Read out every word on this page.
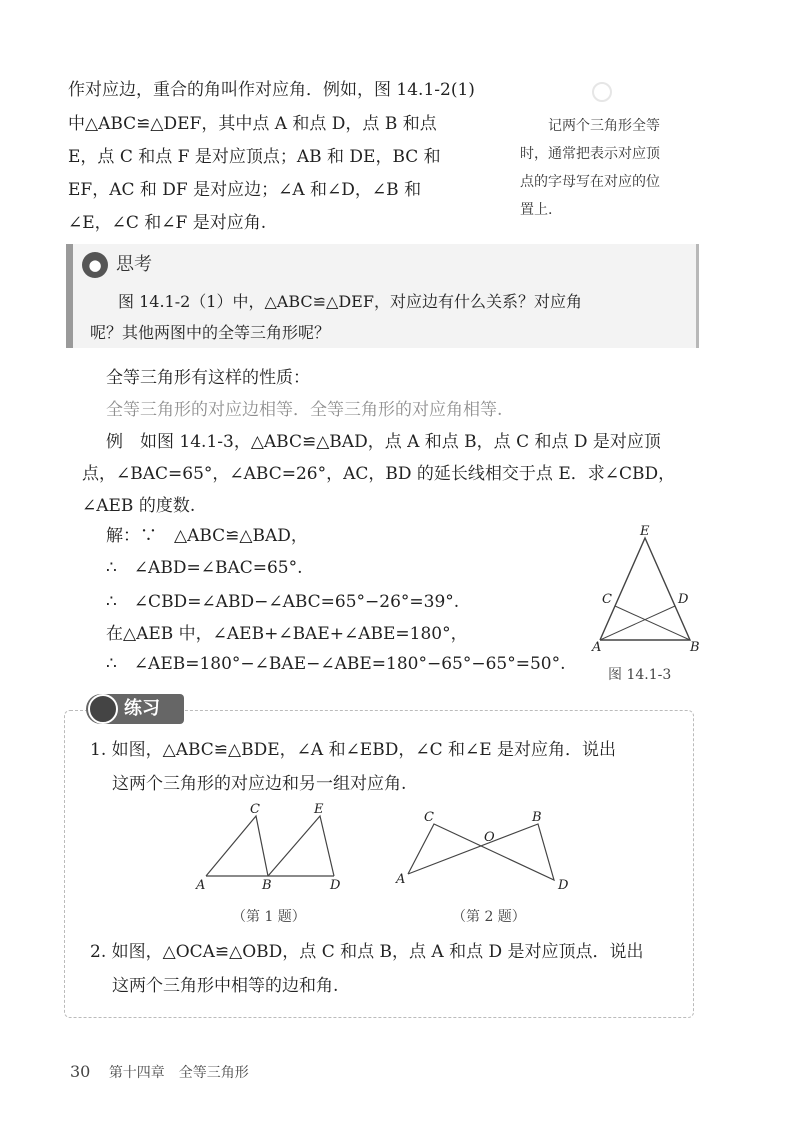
作对应边，重合的角叫作对应角．例如，图 14.1-2(1)
中△ABC≌△DEF，其中点 A 和点 D，点 B 和点
E，点 C 和点 F 是对应顶点；AB 和 DE，BC 和
EF，AC 和 DF 是对应边；∠A 和∠D，∠B 和
∠E，∠C 和∠F 是对应角.
记两个三角形全等
时，通常把表示对应顶
点的字母写在对应的位
置上.
● 思考
图 14.1-2（1）中，△ABC≌△DEF，对应边有什么关系？对应角
呢？其他两图中的全等三角形呢？
全等三角形有这样的性质：
全等三角形的对应边相等．全等三角形的对应角相等.
例　如图 14.1-3，△ABC≌△BAD，点 A 和点 B，点 C 和点 D 是对应顶
点，∠BAC=65°，∠ABC=26°，AC，BD 的延长线相交于点 E．求∠CBD，
∠AEB 的度数.
解：∵　△ABC≌△BAD，
∴　∠ABD=∠BAC=65°.
∴　∠CBD=∠ABD−∠ABC=65°−26°=39°.
在△AEB 中，∠AEB+∠BAE+∠ABE=180°，
∴　∠AEB=180°−∠BAE−∠ABE=180°−65°−65°=50°.
E
C	D
A	B
图 14.1-3
练习
1. 如图，△ABC≌△BDE，∠A 和∠EBD，∠C 和∠E 是对应角．说出
这两个三角形的对应边和另一组对应角.
C	E
A	B	D
（第 1 题）
C
O
B
A	D
（第 2 题）
2. 如图，△OCA≌△OBD，点 C 和点 B，点 A 和点 D 是对应顶点．说出
这两个三角形中相等的边和角.
30 第十四章　全等三角形
